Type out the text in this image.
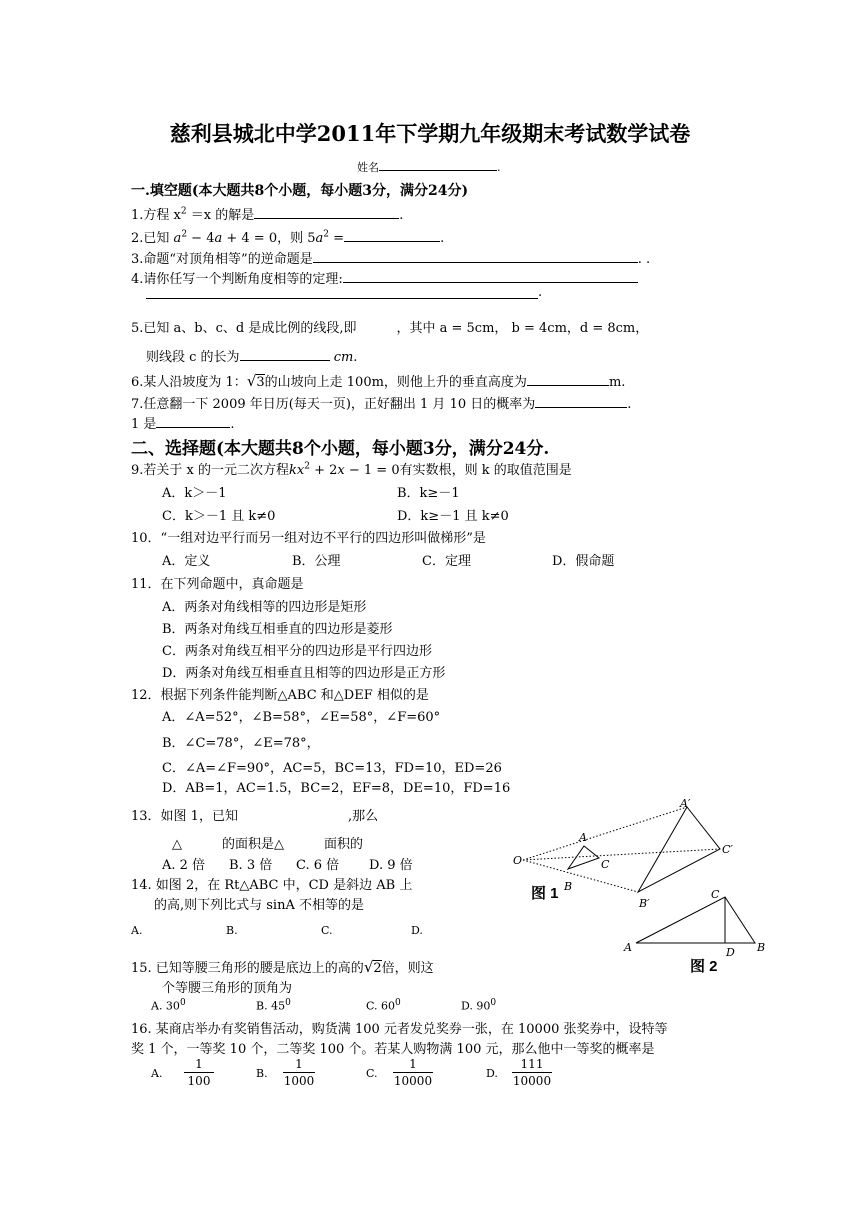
慈利县城北中学2011年下学期九年级期末考试数学试卷
姓名	.
一.填空题(本大题共8个小题，每小题3分，满分24分)
1.方程 $x^2 =x$ 的解是	.
2.已知 $a^2 - 4a + 4 = 0$，则 $5a^2$ =	.
3.命题“对顶角相等”的逆命题是	. .
4.请你任写一个判断角度相等的定理:
.
5.已知 a、b、c、d 是成比例的线段,即	，其中 a = 5cm， b = 4cm，d = 8cm，
则线段 c 的长为	cm.
6.某人沿坡度为 1：√3的山坡向上走 100m，则他上升的垂直高度为	m.
7.任意翻一下 2009 年日历(每天一页)，正好翻出 1 月 10 日的概率为	.
1 是	.
二、选择题(本大题共8个小题，每小题3分，满分24分.
9.若关于 x 的一元二次方程$kx^2 + 2x - 1 = 0$有实数根，则 k 的取值范围是
A．k＞－1	B．k≥－1
C．k＞－1 且 k≠0	D．k≥－1 且 k≠0
10．“一组对边平行而另一组对边不平行的四边形叫做梯形”是
A．定义	B．公理	C．定理	D．假命题
11．在下列命题中，真命题是
A．两条对角线相等的四边形是矩形
B．两条对角线互相垂直的四边形是菱形
C．两条对角线互相平分的四边形是平行四边形
D．两条对角线互相垂直且相等的四边形是正方形
12．根据下列条件能判断△ABC 和△DEF 相似的是
A．∠A=52°，∠B=58°，∠E=58°，∠F=60°
B．∠C=78°，∠E=78°，
C．∠A=∠F=90°，AC=5，BC=13，FD=10，ED=26
D．AB=1，AC=1.5，BC=2，EF=8，DE=10，FD=16
13．如图 1，已知	,那么
△	的面积是△	面积的
A. 2 倍 B. 3 倍 C. 6 倍 D. 9 倍
14. 如图 2，在 Rt△ABC 中，CD 是斜边 AB 上
的高,则下列比式与 sinA 不相等的是
A.	B.	C.	D.
15. 已知等腰三角形的腰是底边上的高的√2倍，则这
个等腰三角形的顶角为
A. $30^0$	B. $45^0$	C. $60^0$	D. $90^0$
16. 某商店举办有奖销售活动，购货满 100 元者发兑奖券一张，在 10000 张奖券中，设特等
奖 1 个，一等奖 10 个，二等奖 100 个。若某人购物满 100 元，那么他中一等奖的概率是
A.
1
100
B.
1
1000
C.
1
10000
D.
111
10000
O
A
C
B
A′
C′
B′
图 1
A
C
B
D
图 2
